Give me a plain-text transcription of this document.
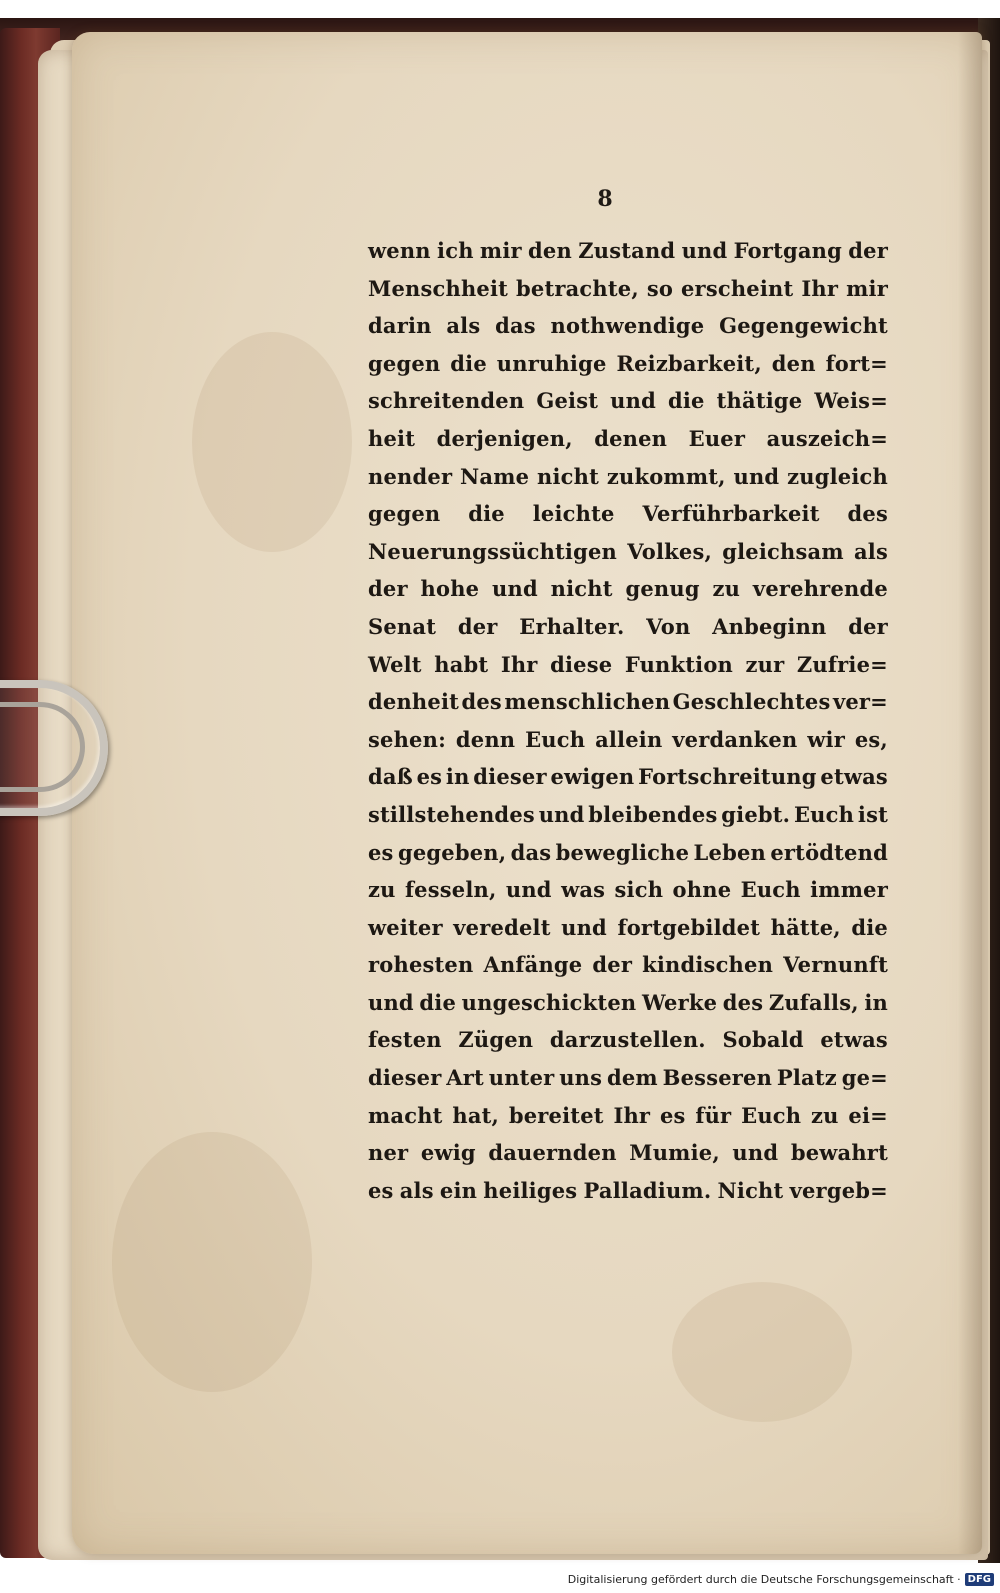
8
wenn ich mir den Zustand und Fortgang der
Menschheit betrachte, so erscheint Ihr mir
darin als das nothwendige Gegengewicht
gegen die unruhige Reizbarkeit, den fort=
schreitenden Geist und die thätige Weis=
heit derjenigen, denen Euer auszeich=
nender Name nicht zukommt, und zugleich
gegen die leichte Verführbarkeit des
Neuerungssüchtigen Volkes, gleichsam als
der hohe und nicht genug zu verehrende
Senat der Erhalter. Von Anbeginn der
Welt habt Ihr diese Funktion zur Zufrie=
denheit des menschlichen Geschlechtes ver=
sehen: denn Euch allein verdanken wir es,
daß es in dieser ewigen Fortschreitung etwas
stillstehendes und bleibendes giebt. Euch ist
es gegeben, das bewegliche Leben ertödtend
zu fesseln, und was sich ohne Euch immer
weiter veredelt und fortgebildet hätte, die
rohesten Anfänge der kindischen Vernunft
und die ungeschickten Werke des Zufalls, in
festen Zügen darzustellen. Sobald etwas
dieser Art unter uns dem Besseren Platz ge=
macht hat, bereitet Ihr es für Euch zu ei=
ner ewig dauernden Mumie, und bewahrt
es als ein heiliges Palladium. Nicht vergeb=
Digitalisierung gefördert durch die Deutsche Forschungsgemeinschaft · DFG
